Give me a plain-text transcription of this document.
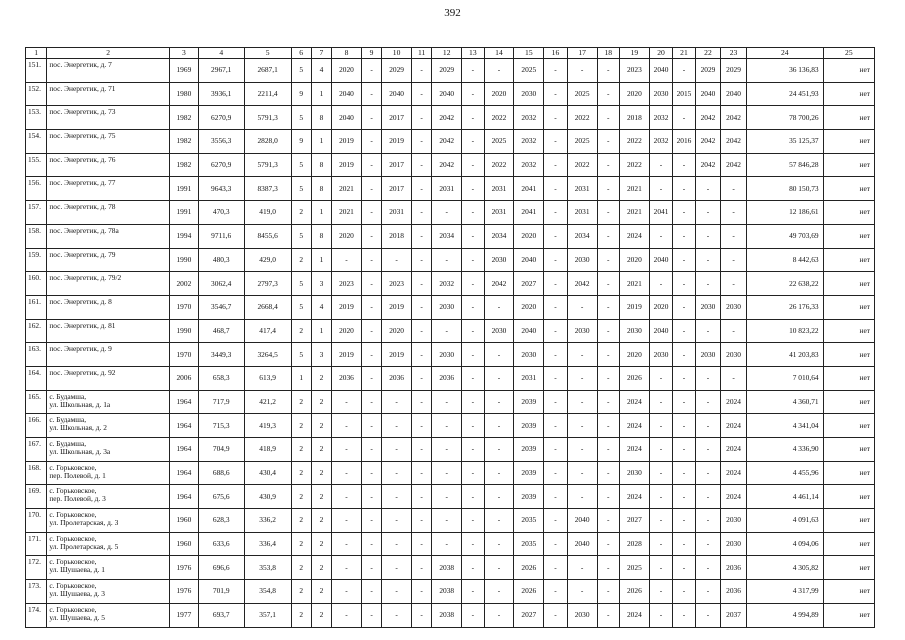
392
1	2	3	4	5	6	7	8	9	10	11	12	13	14	15	16	17	18	19	20	21	22	23	24	25
151.	пос. Энергетик, д. 7	1969	2967,1	2687,1	5	4	2020	-	2029	-	2029	-	-	2025	-	-	-	2023	2040	-	2029	2029	36 136,83	нет
152.	пос. Энергетик, д. 71	1980	3936,1	2211,4	9	1	2040	-	2040	-	2040	-	2020	2030	-	2025	-	2020	2030	2015	2040	2040	24 451,93	нет
153.	пос. Энергетик, д. 73	1982	6270,9	5791,3	5	8	2040	-	2017	-	2042	-	2022	2032	-	2022	-	2018	2032	-	2042	2042	78 700,26	нет
154.	пос. Энергетик, д. 75	1982	3556,3	2828,0	9	1	2019	-	2019	-	2042	-	2025	2032	-	2025	-	2022	2032	2016	2042	2042	35 125,37	нет
155.	пос. Энергетик, д. 76	1982	6270,9	5791,3	5	8	2019	-	2017	-	2042	-	2022	2032	-	2022	-	2022	-	-	2042	2042	57 846,28	нет
156.	пос. Энергетик, д. 77	1991	9643,3	8387,3	5	8	2021	-	2017	-	2031	-	2031	2041	-	2031	-	2021	-	-	-	-	80 150,73	нет
157.	пос. Энергетик, д. 78	1991	470,3	419,0	2	1	2021	-	2031	-	-	-	2031	2041	-	2031	-	2021	2041	-	-	-	12 186,61	нет
158.	пос. Энергетик, д. 78а	1994	9711,6	8455,6	5	8	2020	-	2018	-	2034	-	2034	2020	-	2034	-	2024	-	-	-	-	49 703,69	нет
159.	пос. Энергетик, д. 79	1990	480,3	429,0	2	1	-	-	-	-	-	-	2030	2040	-	2030	-	2020	2040	-	-	-	8 442,63	нет
160.	пос. Энергетик, д. 79/2	2002	3062,4	2797,3	5	3	2023	-	2023	-	2032	-	2042	2027	-	2042	-	2021	-	-	-	-	22 638,22	нет
161.	пос. Энергетик, д. 8	1970	3546,7	2668,4	5	4	2019	-	2019	-	2030	-	-	2020	-	-	-	2019	2020	-	2030	2030	26 176,33	нет
162.	пос. Энергетик, д. 81	1990	468,7	417,4	2	1	2020	-	2020	-	-	-	2030	2040	-	2030	-	2030	2040	-	-	-	10 823,22	нет
163.	пос. Энергетик, д. 9	1970	3449,3	3264,5	5	3	2019	-	2019	-	2030	-	-	2030	-	-	-	2020	2030	-	2030	2030	41 203,83	нет
164.	пос. Энергетик, д. 92	2006	658,3	613,9	1	2	2036	-	2036	-	2036	-	-	2031	-	-	-	2026	-	-	-	-	7 010,64	нет
165.	с. Будамша,
ул. Школьная, д. 1а	1964	717,9	421,2	2	2	-	-	-	-	-	-	-	2039	-	-	-	2024	-	-	-	2024	4 360,71	нет
166.	с. Будамша,
ул. Школьная, д. 2	1964	715,3	419,3	2	2	-	-	-	-	-	-	-	2039	-	-	-	2024	-	-	-	2024	4 341,04	нет
167.	с. Будамша,
ул. Школьная, д. 3а	1964	704,9	418,9	2	2	-	-	-	-	-	-	-	2039	-	-	-	2024	-	-	-	2024	4 336,90	нет
168.	с. Горьковское,
пер. Полевой, д. 1	1964	688,6	430,4	2	2	-	-	-	-	-	-	-	2039	-	-	-	2030	-	-	-	2024	4 455,96	нет
169.	с. Горьковское,
пер. Полевой, д. 3	1964	675,6	430,9	2	2	-	-	-	-	-	-	-	2039	-	-	-	2024	-	-	-	2024	4 461,14	нет
170.	с. Горьковское,
ул. Пролетарская, д. 3	1960	628,3	336,2	2	2	-	-	-	-	-	-	-	2035	-	2040	-	2027	-	-	-	2030	4 091,63	нет
171.	с. Горьковское,
ул. Пролетарская, д. 5	1960	633,6	336,4	2	2	-	-	-	-	-	-	-	2035	-	2040	-	2028	-	-	-	2030	4 094,06	нет
172.	с. Горьковское,
ул. Шушаева, д. 1	1976	696,6	353,8	2	2	-	-	-	-	2038	-	-	2026	-	-	-	2025	-	-	-	2036	4 305,82	нет
173.	с. Горьковское,
ул. Шушаева, д. 3	1976	701,9	354,8	2	2	-	-	-	-	2038	-	-	2026	-	-	-	2026	-	-	-	2036	4 317,99	нет
174.	с. Горьковское,
ул. Шушаева, д. 5	1977	693,7	357,1	2	2	-	-	-	-	2038	-	-	2027	-	2030	-	2024	-	-	-	2037	4 994,89	нет
